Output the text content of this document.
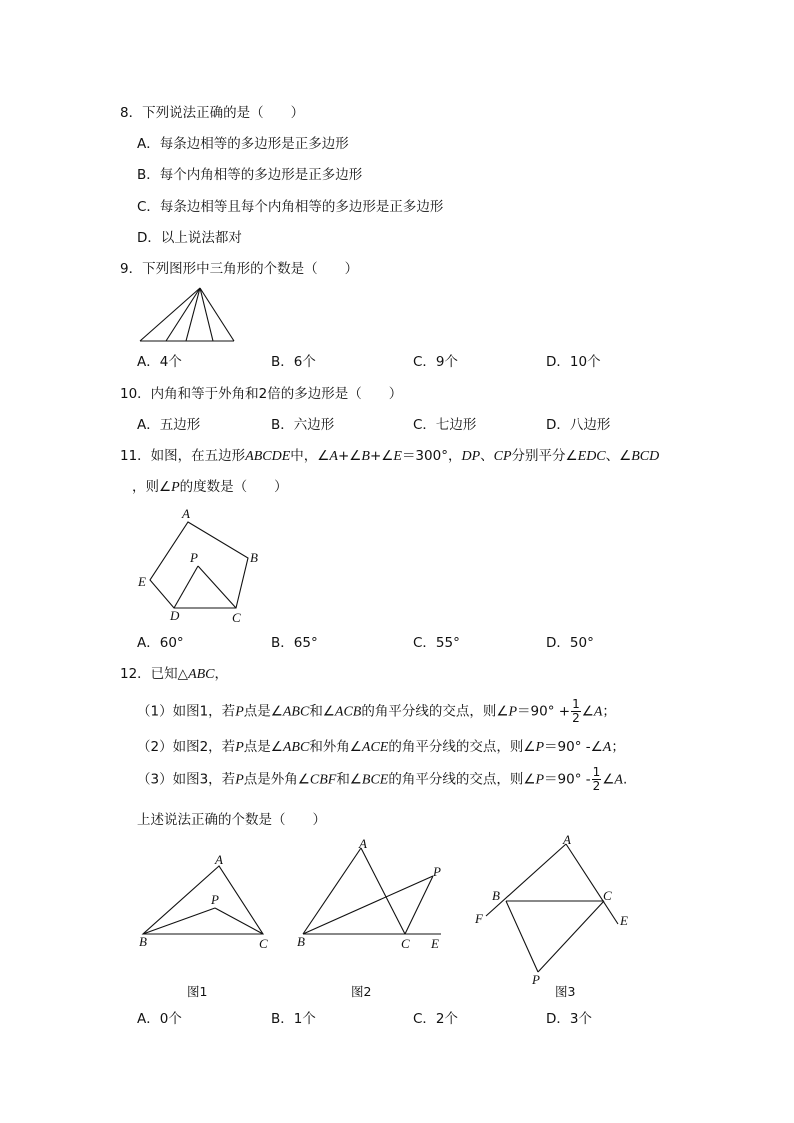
8．下列说法正确的是（　　）
A．每条边相等的多边形是正多边形
B．每个内角相等的多边形是正多边形
C．每条边相等且每个内角相等的多边形是正多边形
D．以上说法都对
9．下列图形中三角形的个数是（　　）
A．4个	B．6个	C．9个	D．10个
10．内角和等于外角和2倍的多边形是（　　）
A．五边形	B．六边形	C．七边形	D．八边形
11．如图，在五边形ABCDE中，∠A+∠B+∠E＝300°，DP、CP分别平分∠EDC、∠BCD
，则∠P的度数是（　　）
A
B
C
D
E
P
A．60°	B．65°	C．55°	D．50°
12．已知△ABC，
（1）如图1，若P点是∠ABC和∠ACB的角平分线的交点，则∠P＝90° + $\frac{1}{2}$ ∠A；
（2）如图2，若P点是∠ABC和外角∠ACE的角平分线的交点，则∠P＝90° -∠A；
（3）如图3，若P点是外角∠CBF和∠BCE的角平分线的交点，则∠P＝90° - $\frac{1}{2}$ ∠A.
上述说法正确的个数是（　　）
A
B	C
P
图1
A
B	C E
P
图2
A
B	C
E
F
P
图3
A．0个	B．1个	C．2个	D．3个
